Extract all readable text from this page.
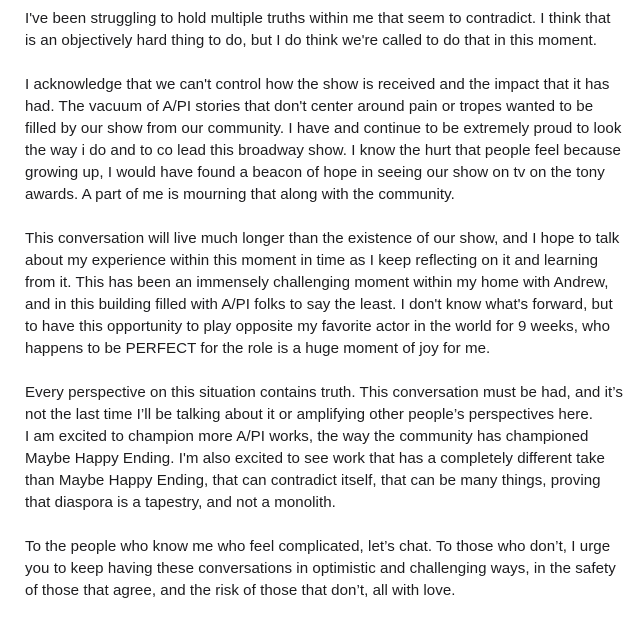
I've been struggling to hold multiple truths within me that seem to contradict. I think that
is an objectively hard thing to do, but I do think we're called to do that in this moment.

I acknowledge that we can't control how the show is received and the impact that it has
had. The vacuum of A/PI stories that don't center around pain or tropes wanted to be
filled by our show from our community. I have and continue to be extremely proud to look
the way i do and to co lead this broadway show. I know the hurt that people feel because
growing up, I would have found a beacon of hope in seeing our show on tv on the tony
awards. A part of me is mourning that along with the community.

This conversation will live much longer than the existence of our show, and I hope to talk
about my experience within this moment in time as I keep reflecting on it and learning
from it. This has been an immensely challenging moment within my home with Andrew,
and in this building filled with A/PI folks to say the least. I don't know what's forward, but
to have this opportunity to play opposite my favorite actor in the world for 9 weeks, who
happens to be PERFECT for the role is a huge moment of joy for me.

Every perspective on this situation contains truth. This conversation must be had, and it’s
not the last time I’ll be talking about it or amplifying other people’s perspectives here.
I am excited to champion more A/PI works, the way the community has championed
Maybe Happy Ending. I'm also excited to see work that has a completely different take
than Maybe Happy Ending, that can contradict itself, that can be many things, proving
that diaspora is a tapestry, and not a monolith.

To the people who know me who feel complicated, let’s chat. To those who don’t, I urge
you to keep having these conversations in optimistic and challenging ways, in the safety
of those that agree, and the risk of those that don’t, all with love.
